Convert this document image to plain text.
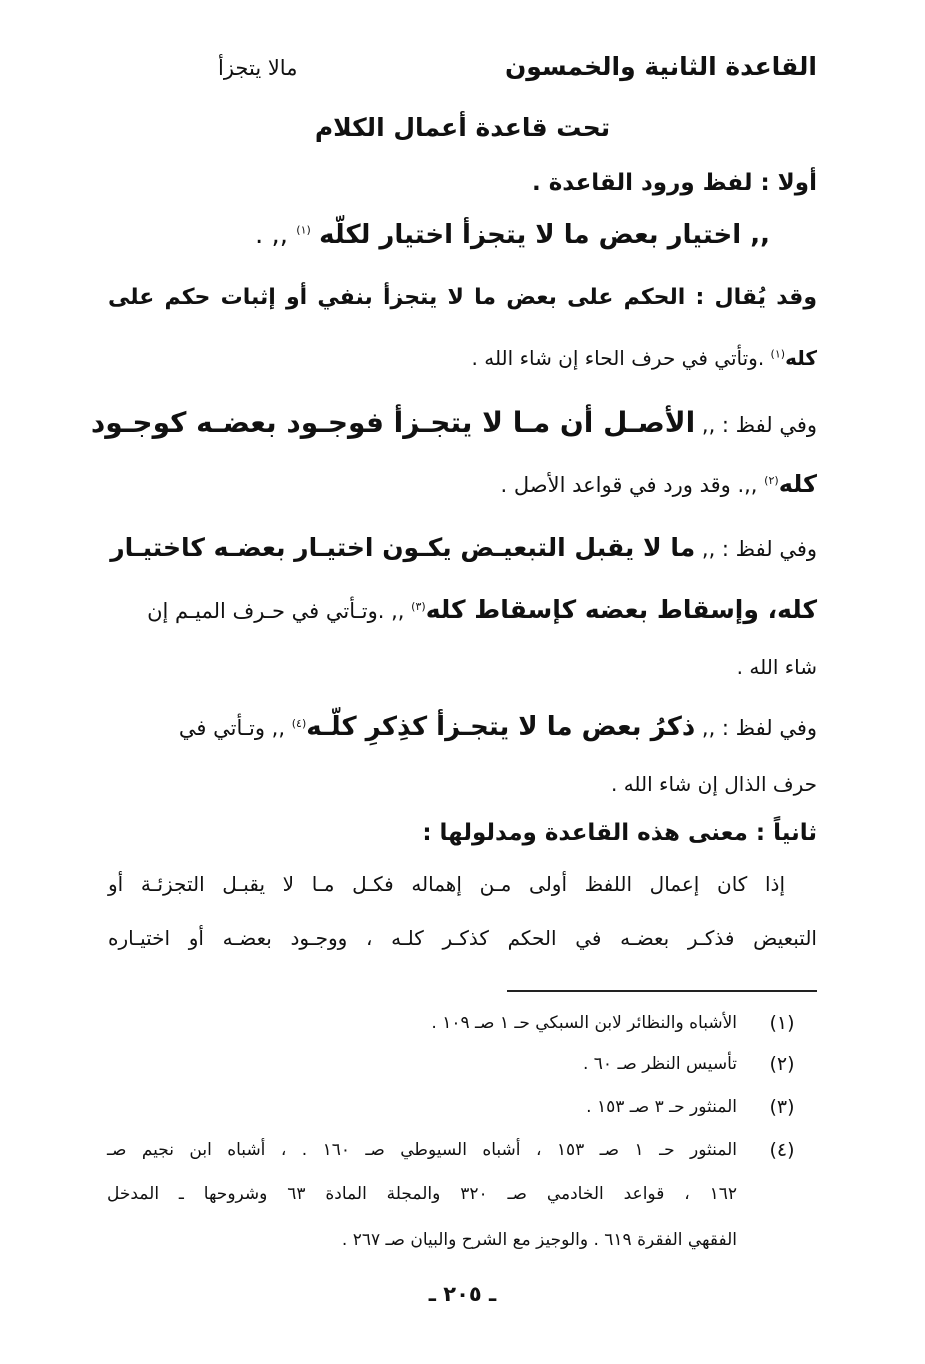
القاعدة الثانية والخمسون
مالا يتجزأ
تحت قاعدة أعمال الكلام
أولا : لفظ ورود القاعدة .
,, اختيار بعض ما لا يتجزأ اختيار لكلّه $^{(١)}$ ,, .
وقد يُقال : الحكم على بعض ما لا يتجزأ بنفي أو إثبات حكم على
كله$^{(١)}$ .وتأتي في حرف الحاء إن شاء الله .
وفي لفظ : ,, الأصـل أن مـا لا يتجـزأ فوجـود بعضـه كوجـود
كله$^{(٢)}$ ,,. وقد ورد في قواعد الأصل .
وفي لفظ : ,, ما لا يقبل التبعيـض يكـون اختيـار بعضـه كاختيـار
كله، وإسقاط بعضه كإسقاط كله$^{(٣)}$ ,, .وتـأتي في حـرف الميـم إن
شاء الله .
وفي لفظ : ,, ذكرُ بعض ما لا يتجـزأ كذِكرِ كلّـه$^{(٤)}$ ,, وتـأتي في
حرف الذال إن شاء الله .
ثانياً : معنى هذه القاعدة ومدلولها :
إذا كان إعمال اللفظ أولى مـن إهماله فكـل مـا لا يقبـل التجزئـة أو
التبعيض فذكـر بعضـه في الحكم كذكـر كلـه ، ووجـود بعضـه أو اختيـاره
(١)
الأشباه والنظائر لابن السبكي حـ ١ صـ ١٠٩ .
(٢)
تأسيس النظر صـ ٦٠ .
(٣)
المنثور حـ ٣ صـ ١٥٣ .
(٤)
المنثور حـ ١ صـ ١٥٣ ، أشباه السيوطي صـ ١٦٠ . ، أشباه ابن نجيم صـ
١٦٢ ، قواعد الخادمي صـ ٣٢٠ والمجلة المادة ٦٣ وشروحها ـ المدخل
الفقهي الفقرة ٦١٩ . والوجيز مع الشرح والبيان صـ ٢٦٧ .
ـ ٢٠٥ ـ
